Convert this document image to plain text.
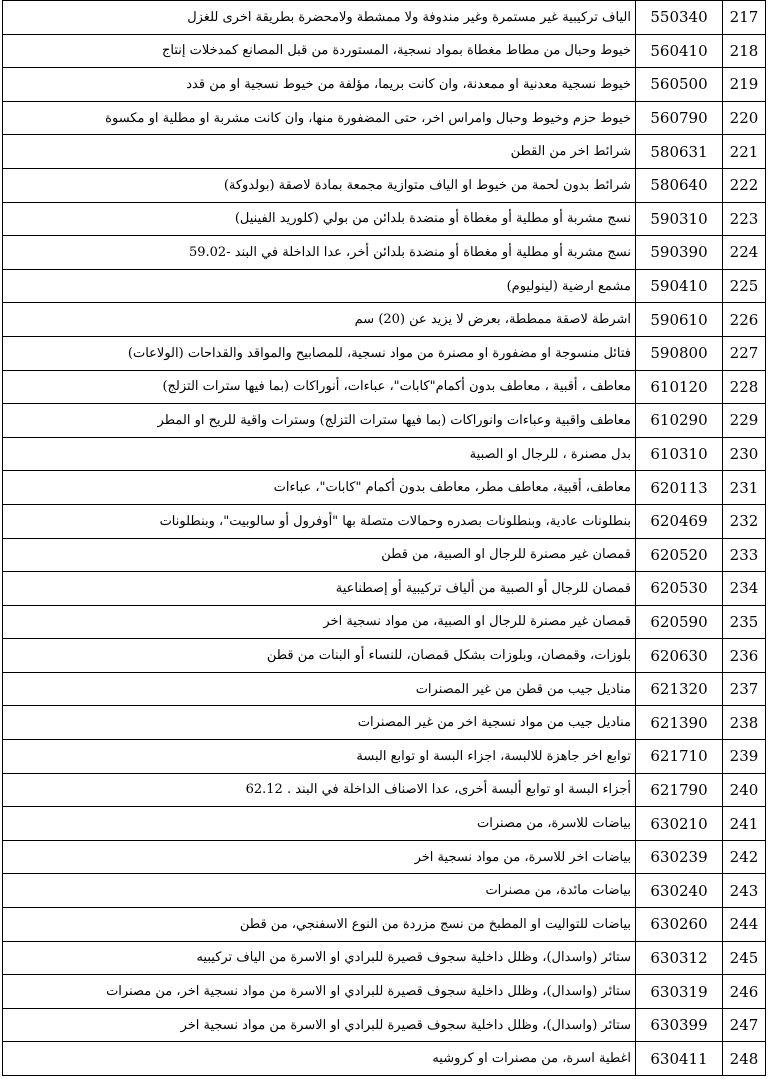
217	550340	الياف تركيبية غير مستمرة وغير مندوفة ولا ممشطة ولامحضرة بطريقة اخرى للغزل
218	560410	خيوط وحبال من مطاط مغطاة بمواد نسجية، المستوردة من قبل المصانع كمدخلات إنتاج
219	560500	خيوط نسجية معدنية او ممعدنة، وان كانت بريما، مؤلفة من خيوط نسجية او من قدد
220	560790	خيوط حزم وخيوط وحبال وامراس اخر، حتى المضفورة منها، وان كانت مشربة او مطلية او مكسوة
221	580631	شرائط اخر من القطن
222	580640	شرائط بدون لحمة من خيوط او الياف متوازية مجمعة بمادة لاصقة (بولدوكة)
223	590310	نسج مشربة أو مطلية أو مغطاة أو منضدة بلدائن من بولي (كلوريد الفينيل)
224	590390	نسج مشربة أو مطلية أو مغطاة أو منضدة بلدائن أخر، عدا الداخلة في البند -59.02
225	590410	مشمع ارضية (لينوليوم)
226	590610	اشرطة لاصقة ممططة، بعرض لا يزيد عن (20) سم
227	590800	فتائل منسوجة او مضفورة او مصنرة من مواد نسجية، للمصابيح والمواقد والقداحات (الولاعات)
228	610120	معاطف ، أقبية ، معاطف بدون أكمام"كابات"، عباءات، أنوراكات (بما فيها سترات التزلج)
229	610290	معاطف واقبية وعباءات وانوراكات (بما فيها سترات التزلج) وسترات واقية للريح او المطر
230	610310	بدل مصنرة ، للرجال او الصبية
231	620113	معاطف، أقبية، معاطف مطر، معاطف بدون أكمام "كابات"، عباءات
232	620469	بنطلونات عادية، وبنطلونات بصدره وحمالات متصلة بها "أوفرول أو سالوبيت"، وبنطلونات
233	620520	قمصان غير مصنرة للرجال او الصبية، من قطن
234	620530	قمصان للرجال أو الصبية من ألياف تركيبية أو إصطناعية
235	620590	قمصان غير مصنرة للرجال او الصبية، من مواد نسجية اخر
236	620630	بلوزات، وقمصان، وبلوزات بشكل قمصان، للنساء أو البنات من قطن
237	621320	مناديل جيب من قطن من غير المصنرات
238	621390	مناديل جيب من مواد نسجية اخر من غير المصنرات
239	621710	توابع اخر جاهزة للالبسة، اجزاء البسة او توابع البسة
240	621790	أجزاء البسة او توابع ألبسة أخرى، عدا الاصناف الداخلة في البند . 62.12
241	630210	بياضات للاسرة، من مصنرات
242	630239	بياضات اخر للاسرة، من مواد نسجية اخر
243	630240	بياضات مائدة، من مصنرات
244	630260	بياضات للتواليت او المطبخ من نسج مزردة من النوع الاسفنجي، من قطن
245	630312	ستائر (واسدال)، وظلل داخلية سجوف قصيرة للبرادي او الاسرة من الياف تركيبيه
246	630319	ستائر (واسدال)، وظلل داخلية سجوف قصيرة للبرادي او الاسرة من مواد نسجية اخر، من مصنرات
247	630399	ستائر (واسدال)، وظلل داخلية سجوف قصيرة للبرادي او الاسرة من مواد نسجية اخر
248	630411	اغطية اسرة، من مصنرات او كروشيه
